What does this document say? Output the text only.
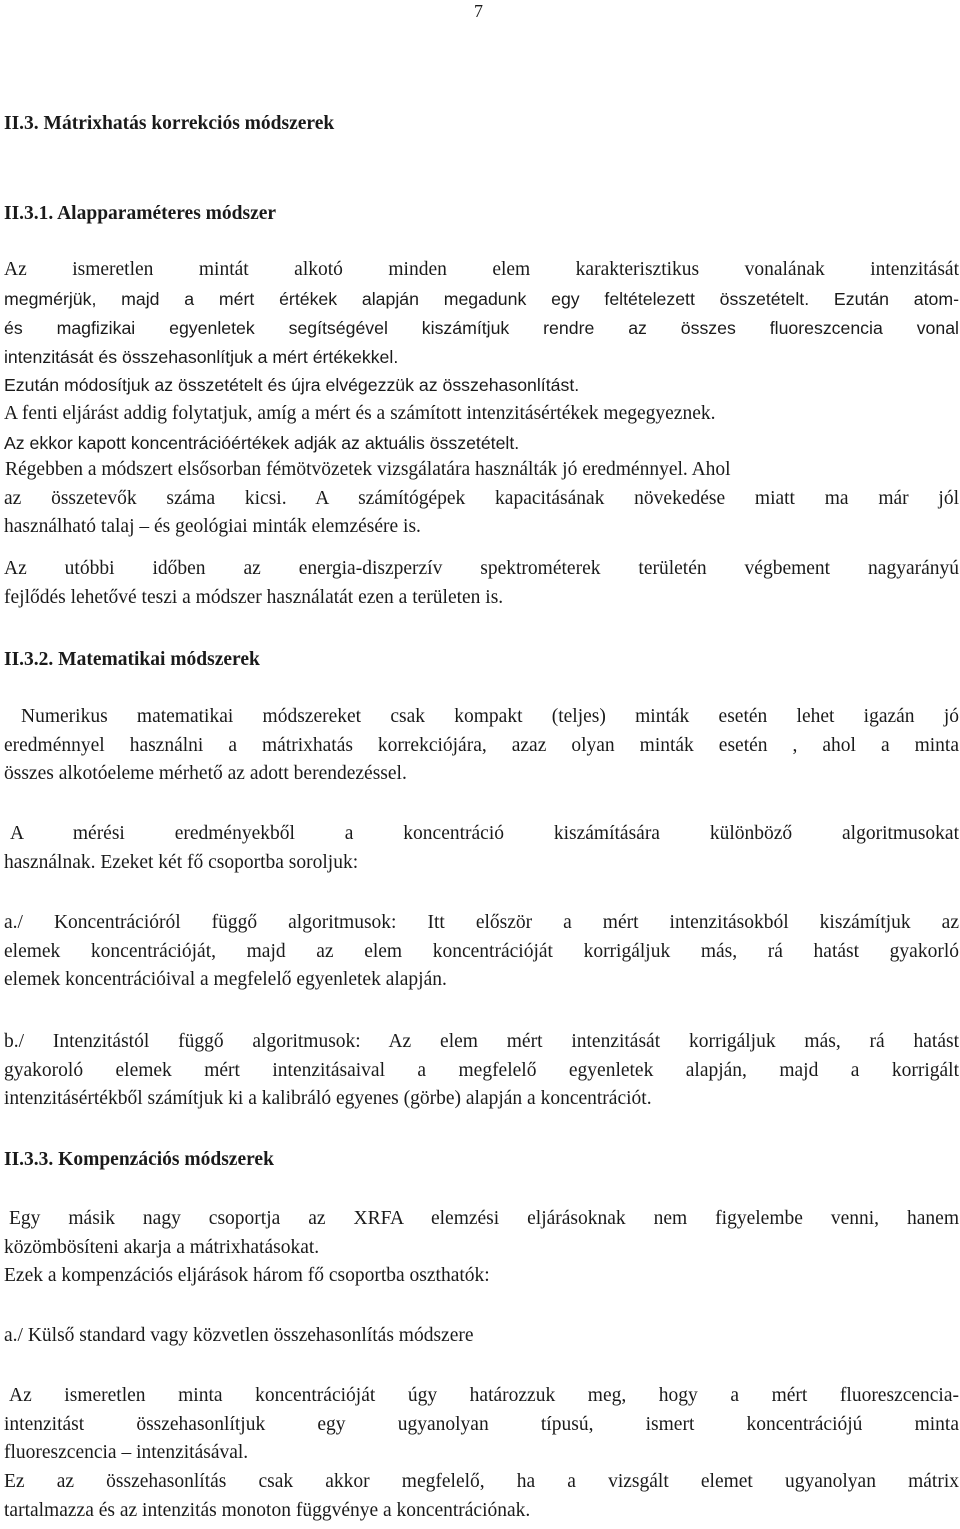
7
II.3. Mátrixhatás korrekciós módszerek
II.3.1. Alapparaméteres módszer
Az ismeretlen mintát alkotó minden elem karakterisztikus vonalának intenzitását
megmérjük, majd a mért értékek alapján megadunk egy feltételezett összetételt. Ezután atom-
és magfizikai egyenletek segítségével kiszámítjuk rendre az összes fluoreszcencia vonal
intenzitását és összehasonlítjuk a mért értékekkel.
Ezután módosítjuk az összetételt és újra elvégezzük az összehasonlítást.
A fenti eljárást addig folytatjuk, amíg a mért és a számított intenzitásértékek megegyeznek.
Az ekkor kapott koncentrációértékek adják az aktuális összetételt.
Régebben a módszert elsősorban fémötvözetek vizsgálatára használták jó eredménnyel. Ahol
az összetevők száma kicsi. A számítógépek kapacitásának növekedése miatt ma már jól
használható talaj – és geológiai minták elemzésére is.
Az utóbbi időben az energia-diszperzív spektrométerek területén végbement nagyarányú
fejlődés lehetővé teszi a módszer használatát ezen a területen is.
II.3.2. Matematikai módszerek
Numerikus matematikai módszereket csak kompakt (teljes) minták esetén lehet igazán jó
eredménnyel használni a mátrixhatás korrekciójára, azaz olyan minták esetén , ahol a minta
összes alkotóeleme mérhető az adott berendezéssel.
A mérési eredményekből a koncentráció kiszámítására különböző algoritmusokat
használnak. Ezeket két fő csoportba soroljuk:
a./ Koncentrációról függő algoritmusok: Itt először a mért intenzitásokból kiszámítjuk az
elemek koncentrációját, majd az elem koncentrációját korrigáljuk más, rá hatást gyakorló
elemek koncentrációival a megfelelő egyenletek alapján.
b./ Intenzitástól függő algoritmusok: Az elem mért intenzitását korrigáljuk más, rá hatást
gyakoroló elemek mért intenzitásaival a megfelelő egyenletek alapján, majd a korrigált
intenzitásértékből számítjuk ki a kalibráló egyenes (görbe) alapján a koncentrációt.
II.3.3. Kompenzációs módszerek
Egy másik nagy csoportja az XRFA elemzési eljárásoknak nem figyelembe venni, hanem
közömbösíteni akarja a mátrixhatásokat.
Ezek a kompenzációs eljárások három fő csoportba oszthatók:
a./ Külső standard vagy közvetlen összehasonlítás módszere
Az ismeretlen minta koncentrációját úgy határozzuk meg, hogy a mért fluoreszcencia-
intenzitást összehasonlítjuk egy ugyanolyan típusú, ismert koncentrációjú minta
fluoreszcencia – intenzitásával.
Ez az összehasonlítás csak akkor megfelelő, ha a vizsgált elemet ugyanolyan mátrix
tartalmazza és az intenzitás monoton függvénye a koncentrációnak.
